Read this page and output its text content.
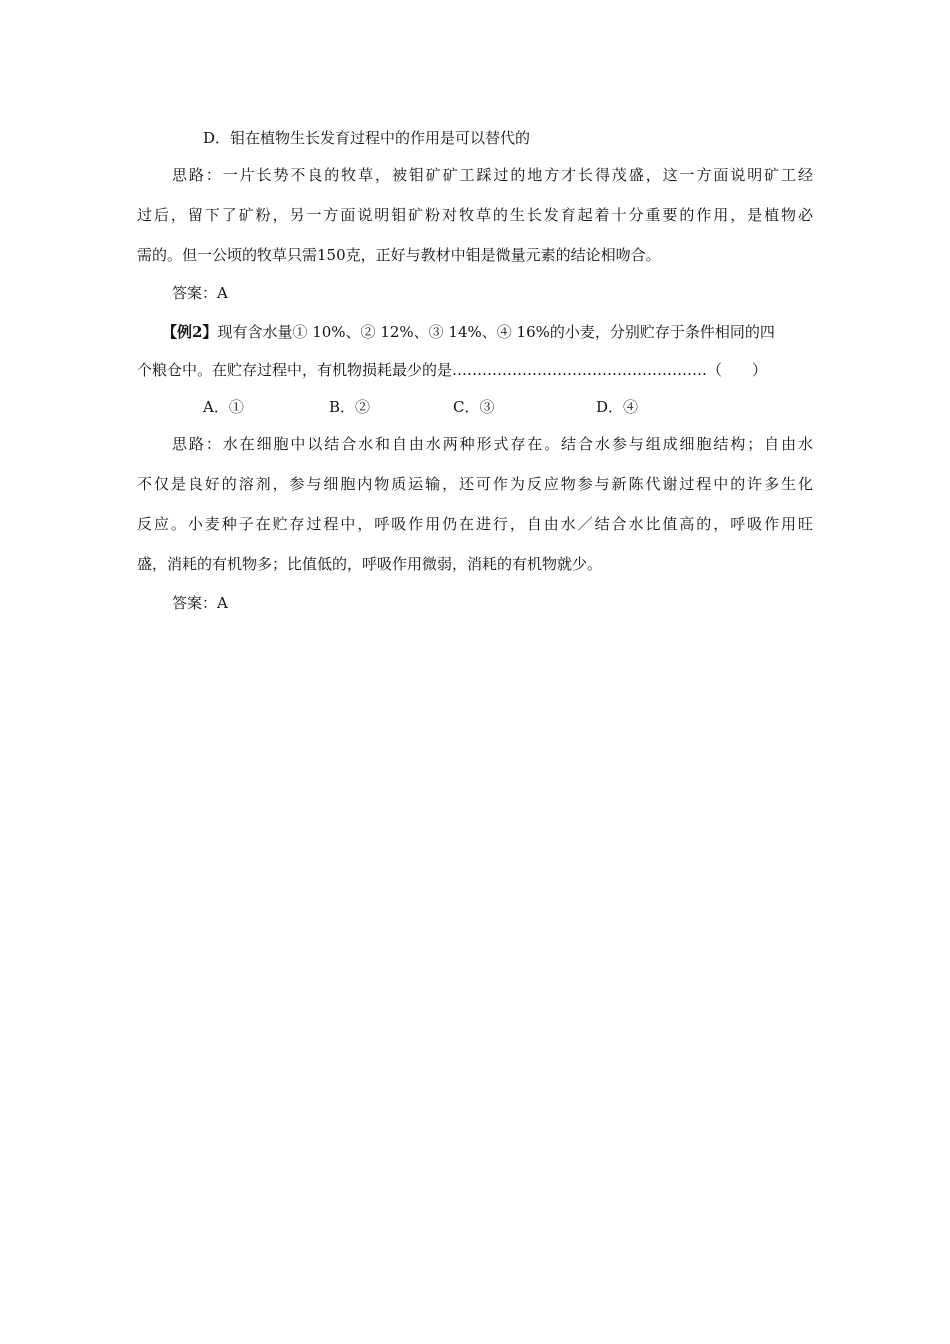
D．钼在植物生长发育过程中的作用是可以替代的
思路：一片长势不良的牧草，被钼矿矿工踩过的地方才长得茂盛，这一方面说明矿工经
过后，留下了矿粉，另一方面说明钼矿粉对牧草的生长发育起着十分重要的作用，是植物必
需的。但一公顷的牧草只需150克，正好与教材中钼是微量元素的结论相吻合。
答案：A
【例2】现有含水量① 10%、② 12%、③ 14%、④ 16%的小麦，分别贮存于条件相同的四
个粮仓中。在贮存过程中，有机物损耗最少的是……………………………………………（　　）
A．①	B．②	C．③	D．④
思路：水在细胞中以结合水和自由水两种形式存在。结合水参与组成细胞结构；自由水
不仅是良好的溶剂，参与细胞内物质运输，还可作为反应物参与新陈代谢过程中的许多生化
反应。小麦种子在贮存过程中，呼吸作用仍在进行，自由水／结合水比值高的，呼吸作用旺
盛，消耗的有机物多；比值低的，呼吸作用微弱，消耗的有机物就少。
答案：A
